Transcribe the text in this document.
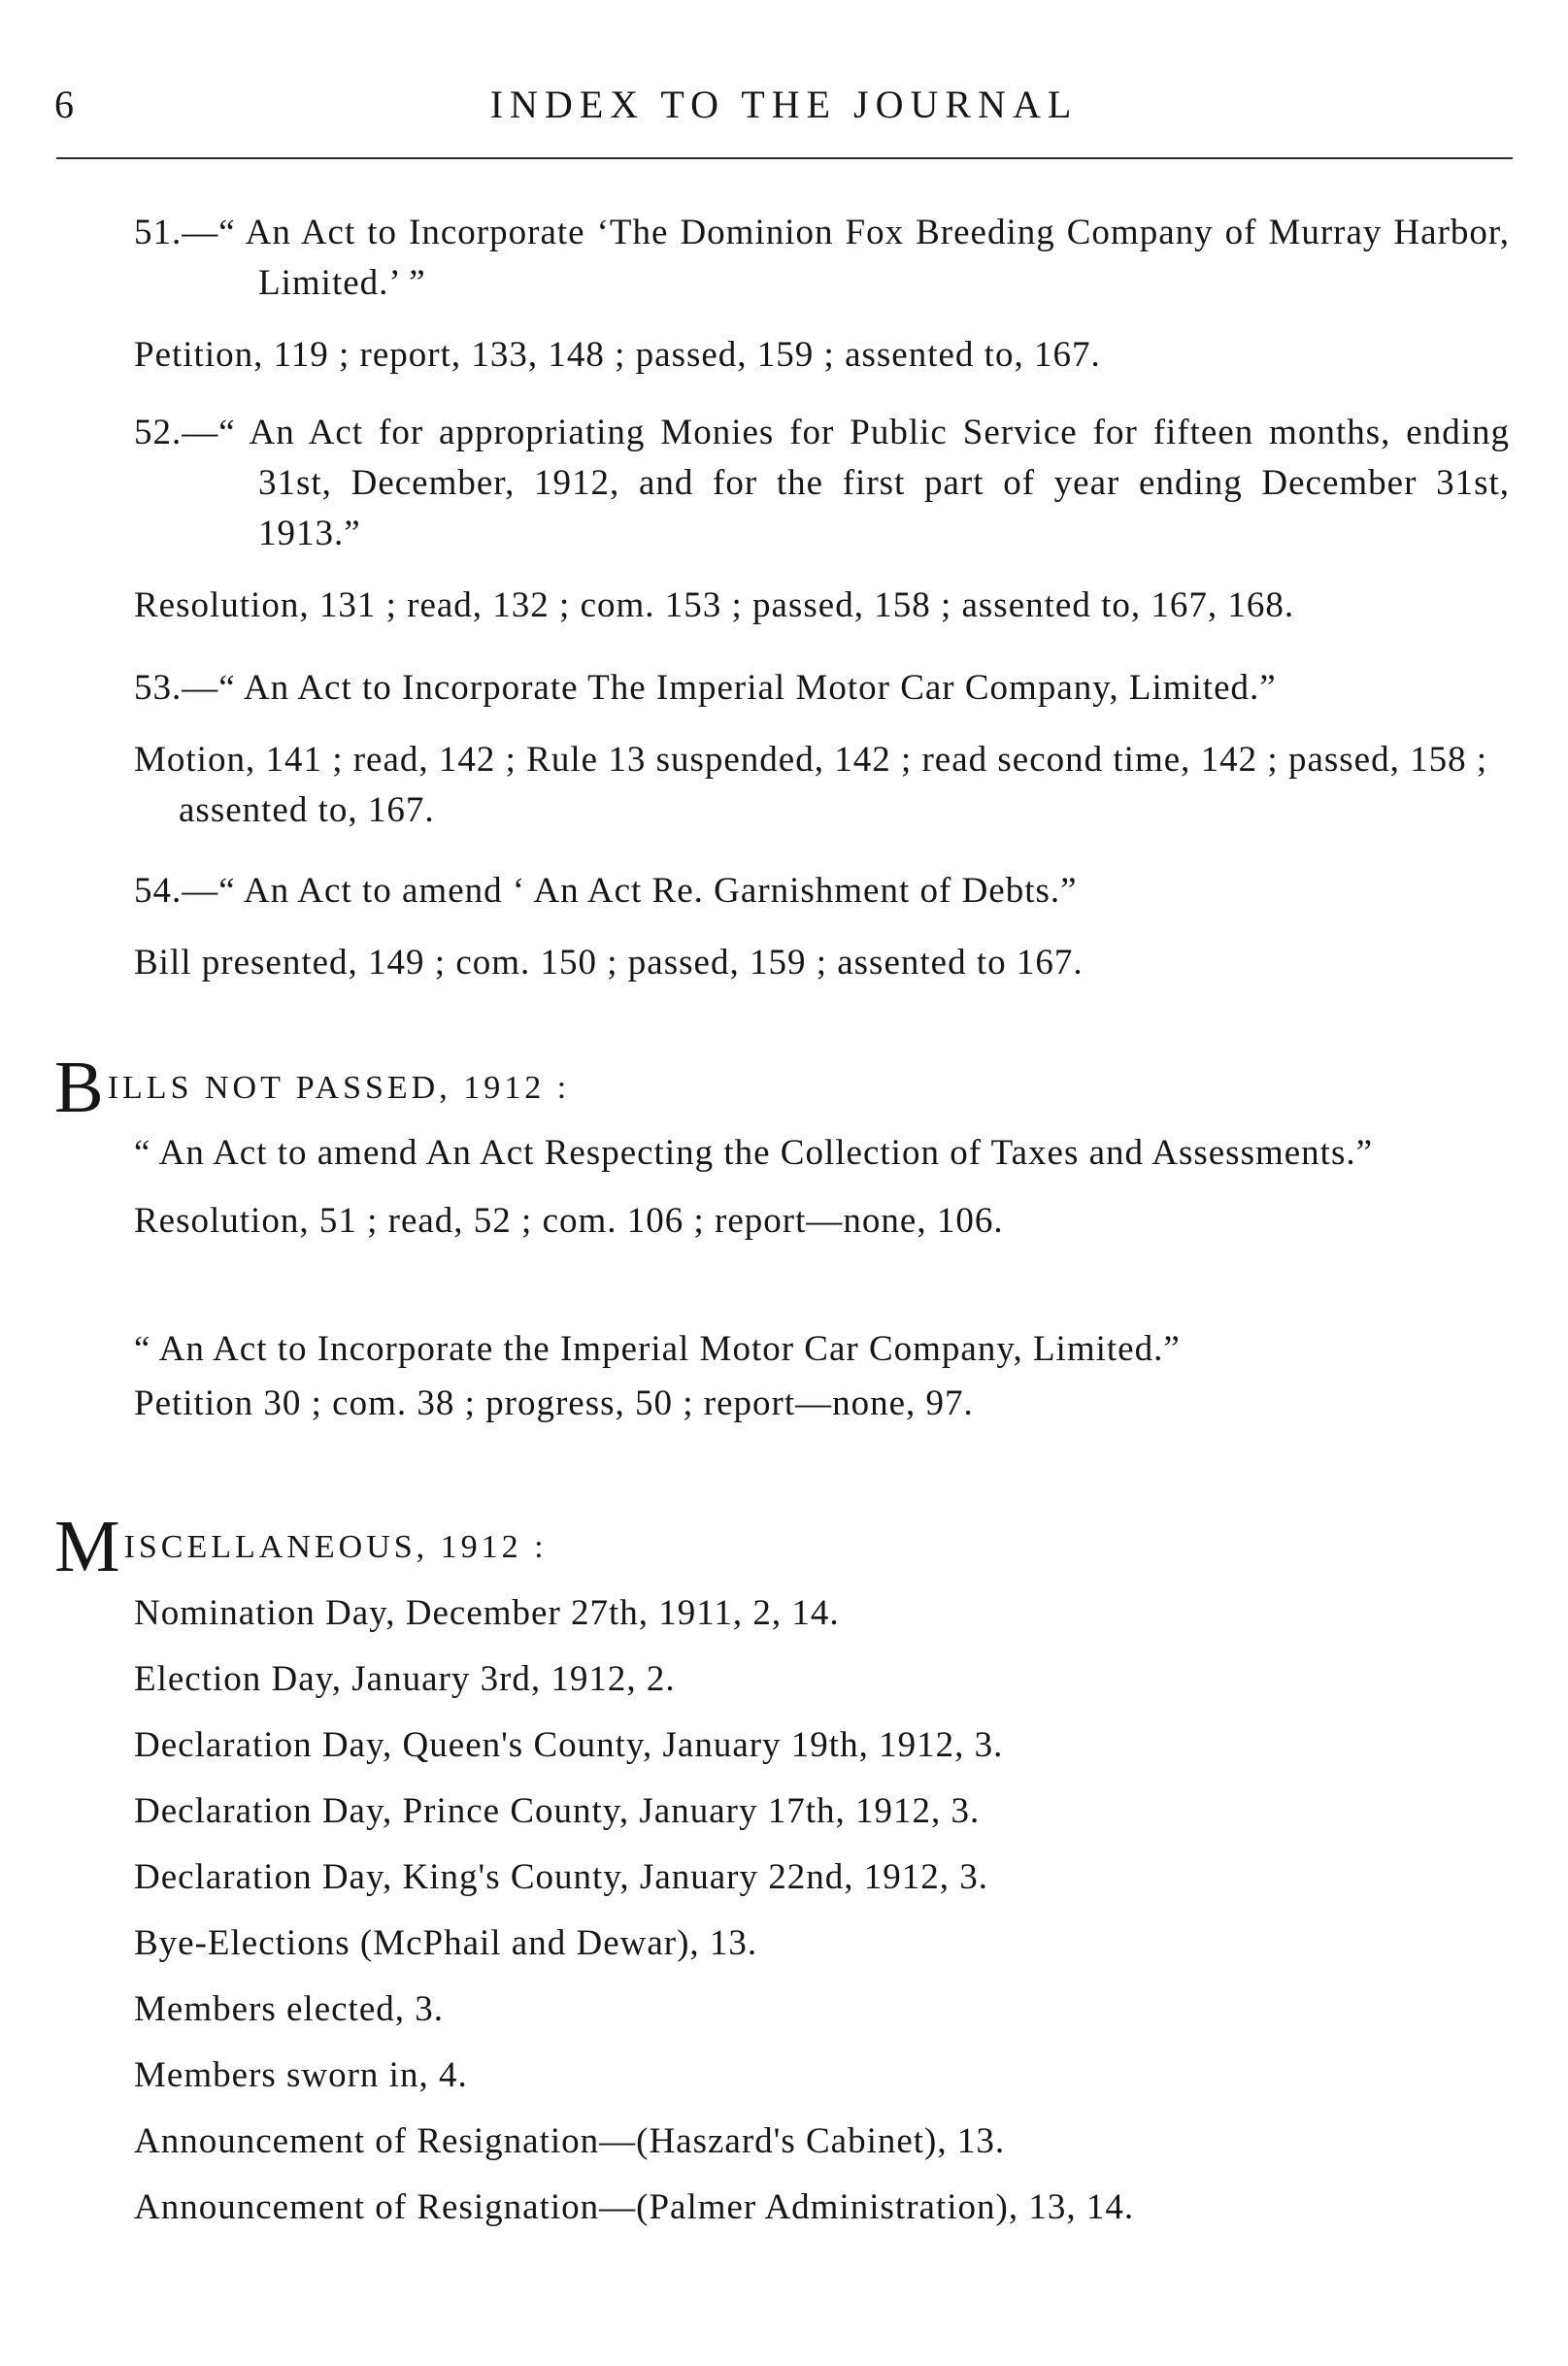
6	INDEX TO THE JOURNAL
51.—“ An Act to Incorporate ‘The Dominion Fox Breeding Company of Murray Harbor, Limited.’ ”
Petition, 119 ; report, 133, 148 ; passed, 159 ; assented to, 167.
52.—“ An Act for appropriating Monies for Public Service for fifteen months, ending 31st, December, 1912, and for the first part of year ending December 31st, 1913.”
Resolution, 131 ; read, 132 ; com. 153 ; passed, 158 ; assented to, 167, 168.
53.—“ An Act to Incorporate The Imperial Motor Car Company, Limited.”
Motion, 141 ; read, 142 ; Rule 13 suspended, 142 ; read second time, 142 ; passed, 158 ; assented to, 167.
54.—“ An Act to amend ‘ An Act Re. Garnishment of Debts.”
Bill presented, 149 ; com. 150 ; passed, 159 ; assented to 167.
BILLS NOT PASSED, 1912 :
“ An Act to amend An Act Respecting the Collection of Taxes and Assessments.”
Resolution, 51 ; read, 52 ; com. 106 ; report—none, 106.
“ An Act to Incorporate the Imperial Motor Car Company, Limited.”
Petition 30 ; com. 38 ; progress, 50 ; report—none, 97.
MISCELLANEOUS, 1912 :
Nomination Day, December 27th, 1911, 2, 14.
Election Day, January 3rd, 1912, 2.
Declaration Day, Queen's County, January 19th, 1912, 3.
Declaration Day, Prince County, January 17th, 1912, 3.
Declaration Day, King's County, January 22nd, 1912, 3.
Bye-Elections (McPhail and Dewar), 13.
Members elected, 3.
Members sworn in, 4.
Announcement of Resignation—(Haszard's Cabinet), 13.
Announcement of Resignation—(Palmer Administration), 13, 14.
